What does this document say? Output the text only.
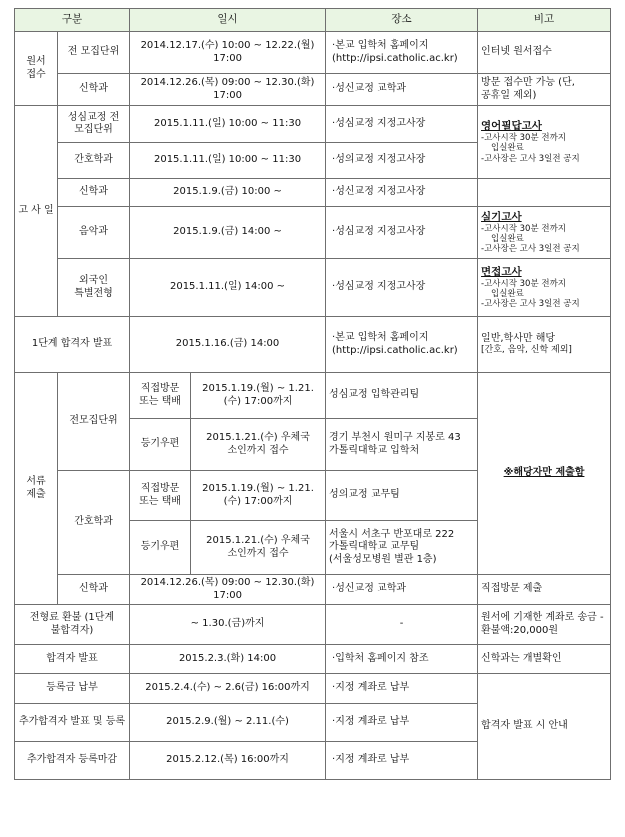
구분		일시		장소	비고
원서 접수	전 모집단위	2014.12.17.(수) 10:00 ~ 12.22.(월) 17:00		·본교 입학처 홈페이지 (http://ipsi.catholic.ac.kr)	인터넷 원서접수
	신학과	2014.12.26.(목) 09:00 ~ 12.30.(화) 17:00		·성신교정 교학과	방문 접수만 가능 (단, 공휴일 제외)
고 사 일	성심교정 전 모집단위	2015.1.11.(일) 10:00 ~ 11:30		·성심교정 지정고사장	영어필답고사
-고사시작 30분 전까지
입실완료
-고사장은 고사 3일전 공지

	간호학과	2015.1.11.(일) 10:00 ~ 11:30		·성의교정 지정고사장	
	신학과	2015.1.9.(금) 10:00 ~		·성신교정 지정고사장	
	음악과	2015.1.9.(금) 14:00 ~		·성심교정 지정고사장	실기고사
-고사시작 30분 전까지
입실완료
-고사장은 고사 3일전 공지

	외국인 특별전형	2015.1.11.(일) 14:00 ~		·성심교정 지정고사장	면접고사
-고사시작 30분 전까지
입실완료
-고사장은 고사 3일전 공지

1단계 합격자 발표		2015.1.16.(금) 14:00		·본교 입학처 홈페이지 (http://ipsi.catholic.ac.kr)	일반,학사만 해당
[간호, 음악, 신학 제외]

서류 제출	전모집단위	직접방문 또는 택배	2015.1.19.(월) ~ 1.21.(수) 17:00까지	성심교정 입학관리팀	※해당자만 제출함
		등기우편	2015.1.21.(수) 우체국 소인까지 접수	경기 부천시 원미구 지봉로 43 가톨릭대학교 입학처	
	간호학과	직접방문 또는 택배	2015.1.19.(월) ~ 1.21.(수) 17:00까지	성의교정 교무팀	
		등기우편	2015.1.21.(수) 우체국 소인까지 접수	서울시 서초구 반포대로 222 가톨릭대학교 교무팀 (서울성모병원 별관 1층)	
	신학과	2014.12.26.(목) 09:00 ~ 12.30.(화) 17:00		·성신교정 교학과	직접방문 제출
전형료 환불 (1단계 불합격자)		~ 1.30.(금)까지		-	원서에 기재한 계좌로 송금 -환불액:20,000원
합격자 발표		2015.2.3.(화) 14:00		·입학처 홈페이지 참조	신학과는 개별확인
등록금 납부		2015.2.4.(수) ~ 2.6(금) 16:00까지		·지정 계좌로 납부	합격자 발표 시 안내
추가합격자 발표 및 등록		2015.2.9.(월) ~ 2.11.(수)		·지정 계좌로 납부	
추가합격자 등록마감		2015.2.12.(목) 16:00까지		·지정 계좌로 납부	
